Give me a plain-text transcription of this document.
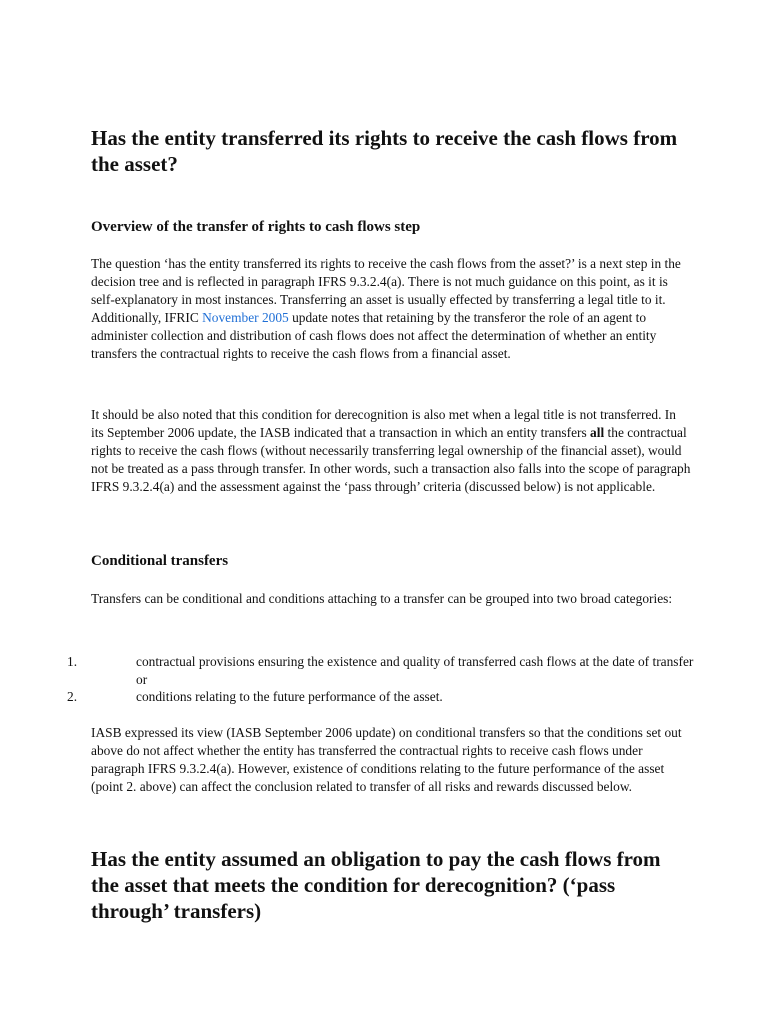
Has the entity transferred its rights to receive the cash flows from the asset?
Overview of the transfer of rights to cash flows step

The question ‘has the entity transferred its rights to receive the cash flows from the asset?’ is a next step in the decision tree and is reflected in paragraph IFRS 9.3.2.4(a). There is not much guidance on this point, as it is self-explanatory in most instances. Transferring an asset is usually effected by transferring a legal title to it. Additionally, IFRIC November 2005 update notes that retaining by the transferor the role of an agent to administer collection and distribution of cash flows does not affect the determination of whether an entity transfers the contractual rights to receive the cash flows from a financial asset.

It should be also noted that this condition for derecognition is also met when a legal title is not transferred. In its September 2006 update, the IASB indicated that a transaction in which an entity transfers all the contractual rights to receive the cash flows (without necessarily transferring legal ownership of the financial asset), would not be treated as a pass through transfer. In other words, such a transaction also falls into the scope of paragraph IFRS 9.3.2.4(a) and the assessment against the ‘pass through’ criteria (discussed below) is not applicable.

Conditional transfers

Transfers can be conditional and conditions attaching to a transfer can be grouped into two broad categories:

1.	contractual provisions ensuring the existence and quality of transferred cash flows at the date of transfer or
2.	conditions relating to the future performance of the asset.

IASB expressed its view (IASB September 2006 update) on conditional transfers so that the conditions set out above do not affect whether the entity has transferred the contractual rights to receive cash flows under paragraph IFRS 9.3.2.4(a). However, existence of conditions relating to the future performance of the asset (point 2. above) can affect the conclusion related to transfer of all risks and rewards discussed below.

Has the entity assumed an obligation to pay the cash flows from the asset that meets the condition for derecognition? (‘pass through’ transfers)
